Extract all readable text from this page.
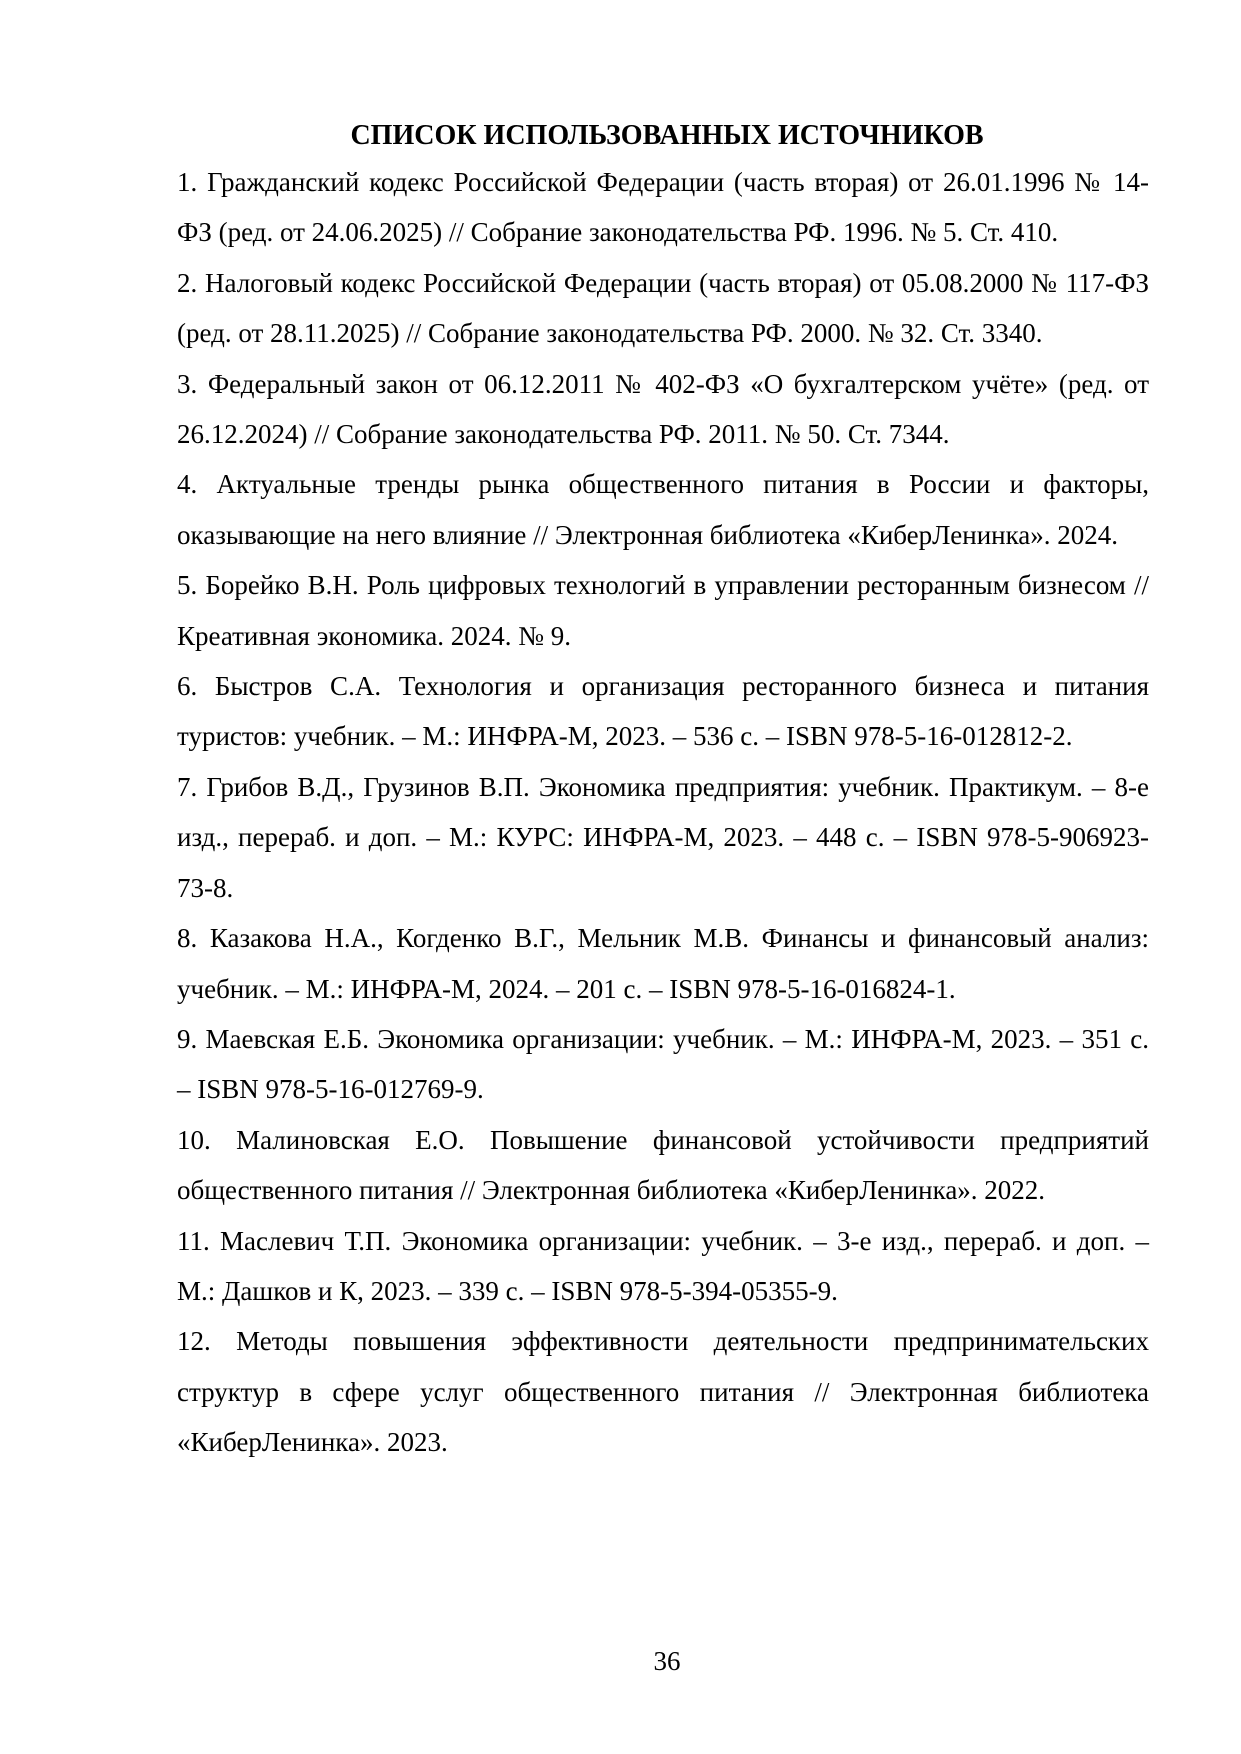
СПИСОК ИСПОЛЬЗОВАННЫХ ИСТОЧНИКОВ
1. Гражданский кодекс Российской Федерации (часть вторая) от 26.01.1996 № 14-ФЗ (ред. от 24.06.2025) // Собрание законодательства РФ. 1996. № 5. Ст. 410.
2. Налоговый кодекс Российской Федерации (часть вторая) от 05.08.2000 № 117-ФЗ (ред. от 28.11.2025) // Собрание законодательства РФ. 2000. № 32. Ст. 3340.
3. Федеральный закон от 06.12.2011 № 402-ФЗ «О бухгалтерском учёте» (ред. от 26.12.2024) // Собрание законодательства РФ. 2011. № 50. Ст. 7344.
4. Актуальные тренды рынка общественного питания в России и факторы, оказывающие на него влияние // Электронная библиотека «КиберЛенинка». 2024.
5. Борейко В.Н. Роль цифровых технологий в управлении ресторанным бизнесом // Креативная экономика. 2024. № 9.
6. Быстров С.А. Технология и организация ресторанного бизнеса и питания туристов: учебник. – М.: ИНФРА-М, 2023. – 536 с. – ISBN 978-5-16-012812-2.
7. Грибов В.Д., Грузинов В.П. Экономика предприятия: учебник. Практикум. – 8-е изд., перераб. и доп. – М.: КУРС: ИНФРА-М, 2023. – 448 с. – ISBN 978-5-906923-73-8.
8. Казакова Н.А., Когденко В.Г., Мельник М.В. Финансы и финансовый анализ: учебник. – М.: ИНФРА-М, 2024. – 201 с. – ISBN 978-5-16-016824-1.
9. Маевская Е.Б. Экономика организации: учебник. – М.: ИНФРА-М, 2023. – 351 с. – ISBN 978-5-16-012769-9.
10. Малиновская Е.О. Повышение финансовой устойчивости предприятий общественного питания // Электронная библиотека «КиберЛенинка». 2022.
11. Маслевич Т.П. Экономика организации: учебник. – 3-е изд., перераб. и доп. – М.: Дашков и К, 2023. – 339 с. – ISBN 978-5-394-05355-9.
12. Методы повышения эффективности деятельности предпринимательских структур в сфере услуг общественного питания // Электронная библиотека «КиберЛенинка». 2023.
36
